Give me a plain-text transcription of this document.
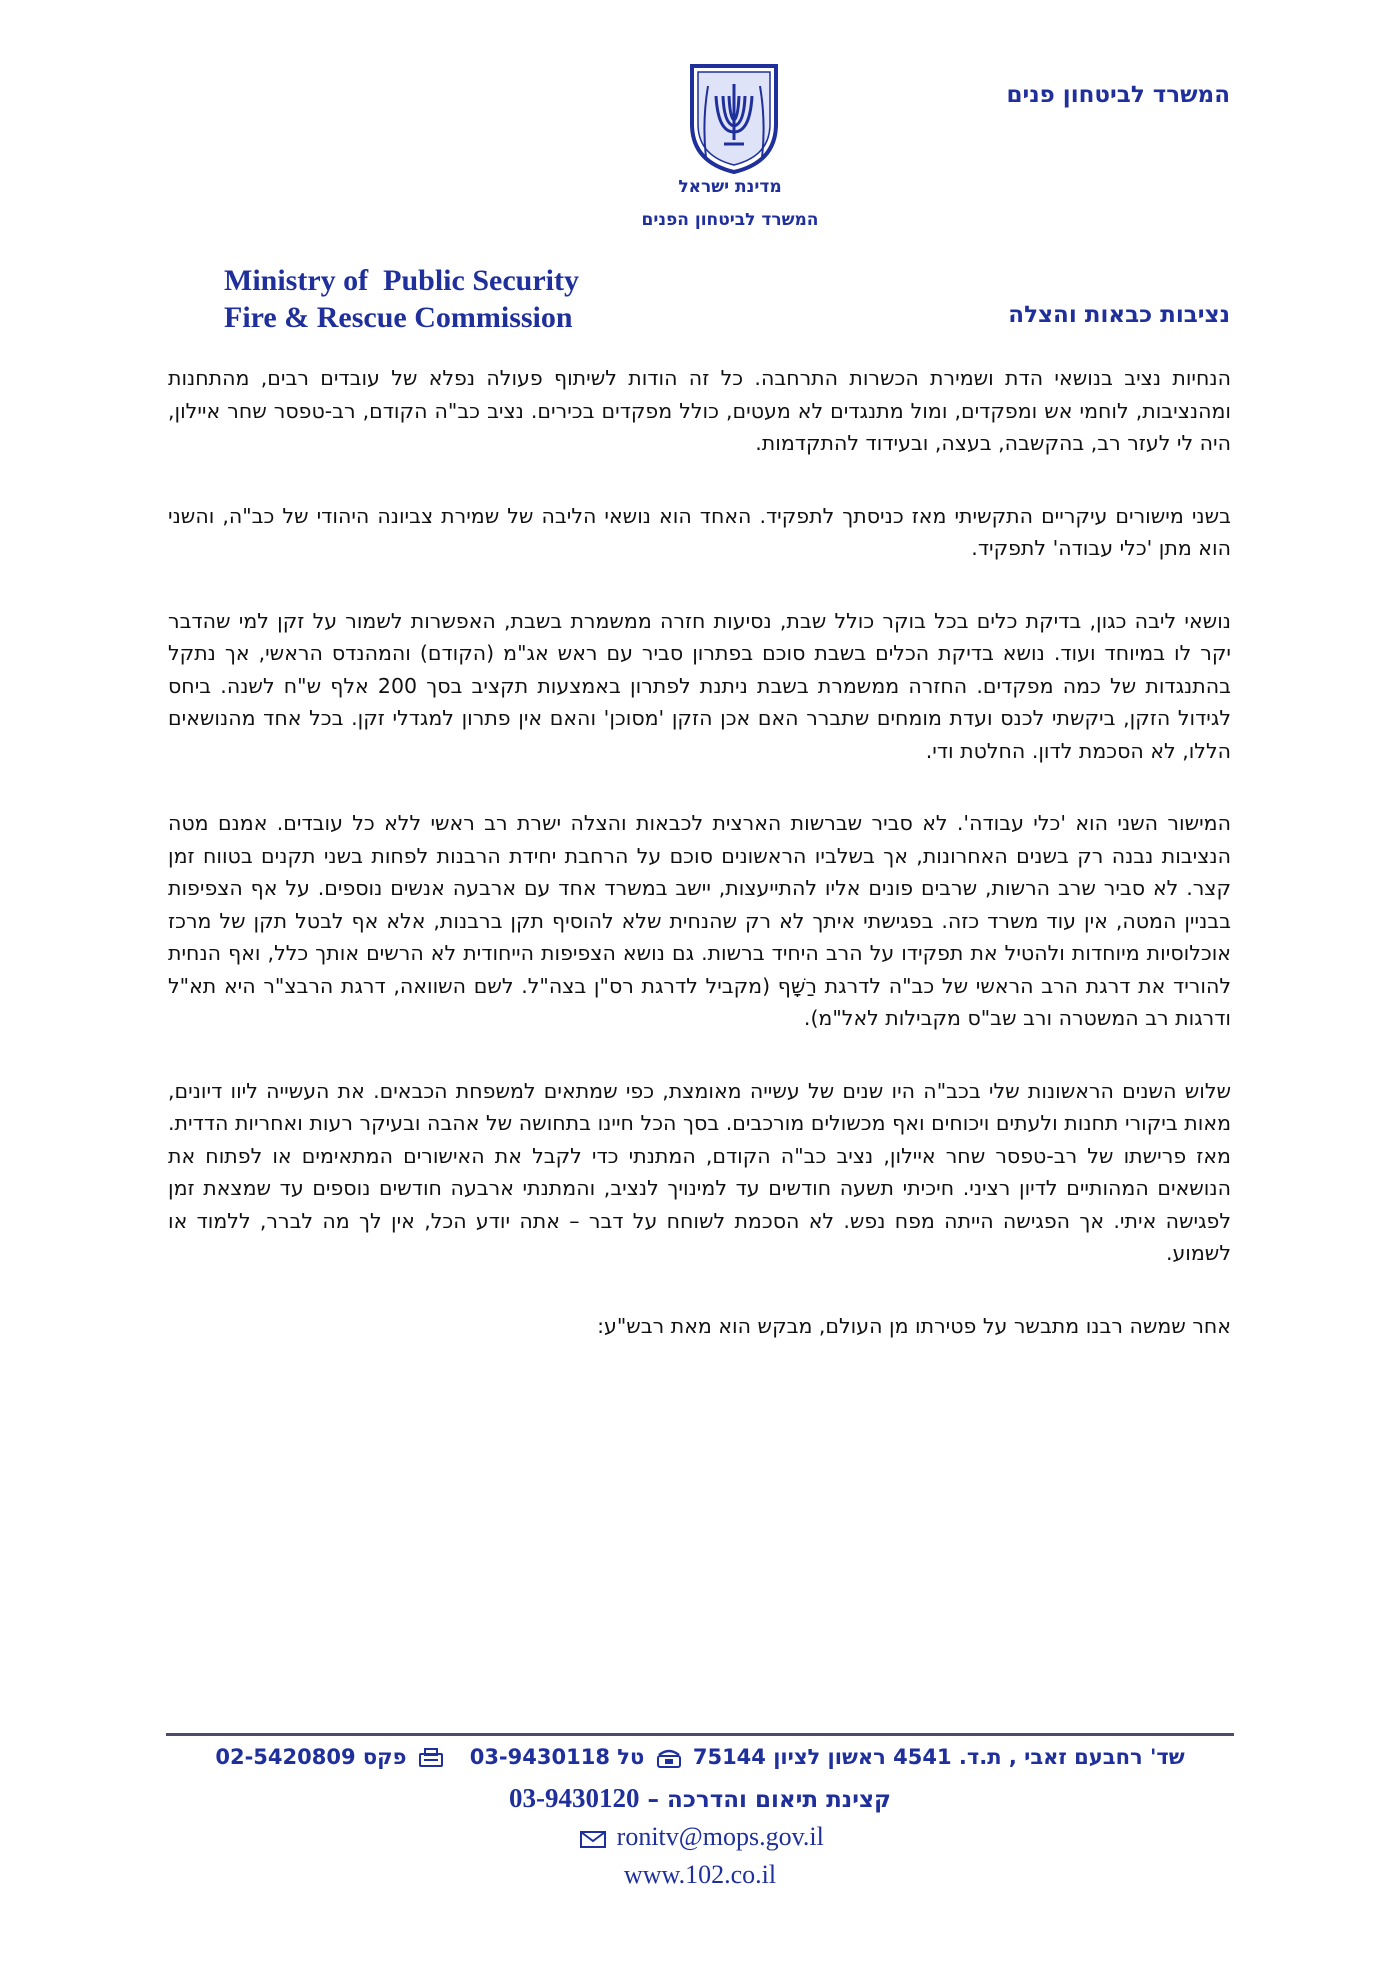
המשרד לביטחון פנים
מדינת ישראל
המשרד לביטחון הפנים
Ministry of  Public Security
Fire & Rescue Commission	נציבות כבאות והצלה

הנחיות נציב בנושאי הדת ושמירת הכשרות התרחבה. כל זה הודות לשיתוף פעולה נפלא של עובדים רבים, מהתחנות ומהנציבות, לוחמי אש ומפקדים, ומול מתנגדים לא מעטים, כולל מפקדים בכירים. נציב כב"ה הקודם, רב-טפסר שחר איילון, היה לי לעזר רב, בהקשבה, בעצה, ובעידוד להתקדמות.

בשני מישורים עיקריים התקשיתי מאז כניסתך לתפקיד. האחד הוא נושאי הליבה של שמירת צביונה היהודי של כב"ה, והשני הוא מתן 'כלי עבודה' לתפקיד.

נושאי ליבה כגון, בדיקת כלים בכל בוקר כולל שבת, נסיעות חזרה ממשמרת בשבת, האפשרות לשמור על זקן למי שהדבר יקר לו במיוחד ועוד. נושא בדיקת הכלים בשבת סוכם בפתרון סביר עם ראש אג"מ (הקודם) והמהנדס הראשי, אך נתקל בהתנגדות של כמה מפקדים. החזרה ממשמרת בשבת ניתנת לפתרון באמצעות תקציב בסך 200 אלף ש"ח לשנה. ביחס לגידול הזקן, ביקשתי לכנס ועדת מומחים שתברר האם אכן הזקן 'מסוכן' והאם אין פתרון למגדלי זקן. בכל אחד מהנושאים הללו, לא הסכמת לדון. החלטת ודי.

המישור השני הוא 'כלי עבודה'. לא סביר שברשות הארצית לכבאות והצלה ישרת רב ראשי ללא כל עובדים. אמנם מטה הנציבות נבנה רק בשנים האחרונות, אך בשלביו הראשונים סוכם על הרחבת יחידת הרבנות לפחות בשני תקנים בטווח זמן קצר. לא סביר שרב הרשות, שרבים פונים אליו להתייעצות, יישב במשרד אחד עם ארבעה אנשים נוספים. על אף הצפיפות בבניין המטה, אין עוד משרד כזה. בפגישתי איתך לא רק שהנחית שלא להוסיף תקן ברבנות, אלא אף לבטל תקן של מרכז אוכלוסיות מיוחדות ולהטיל את תפקידו על הרב היחיד ברשות. גם נושא הצפיפות הייחודית לא הרשים אותך כלל, ואף הנחית להוריד את דרגת הרב הראשי של כב"ה לדרגת רַשָּׁף (מקביל לדרגת רס"ן בצה"ל. לשם השוואה, דרגת הרבצ"ר היא תא"ל ודרגות רב המשטרה ורב שב"ס מקבילות לאל"מ).

שלוש השנים הראשונות שלי בכב"ה היו שנים של עשייה מאומצת, כפי שמתאים למשפחת הכבאים. את העשייה ליוו דיונים, מאות ביקורי תחנות ולעתים ויכוחים ואף מכשולים מורכבים. בסך הכל חיינו בתחושה של אהבה ובעיקר רעות ואחריות הדדית. מאז פרישתו של רב-טפסר שחר איילון, נציב כב"ה הקודם, המתנתי כדי לקבל את האישורים המתאימים או לפתוח את הנושאים המהותיים לדיון רציני. חיכיתי תשעה חודשים עד למינויך לנציב, והמתנתי ארבעה חודשים נוספים עד שמצאת זמן לפגישה איתי. אך הפגישה הייתה מפח נפש. לא הסכמת לשוחח על דבר – אתה יודע הכל, אין לך מה לברר, ללמוד או לשמוע.

אחר שמשה רבנו מתבשר על פטירתו מן העולם, מבקש הוא מאת רבש"ע:

שד' רחבעם זאבי , ת.ד. 4541 ראשון לציון 75144  טל 03-9430118    פקס 02-5420809
קצינת תיאום והדרכה – 03-9430120
ronitv@mops.gov.il
www.102.co.il
